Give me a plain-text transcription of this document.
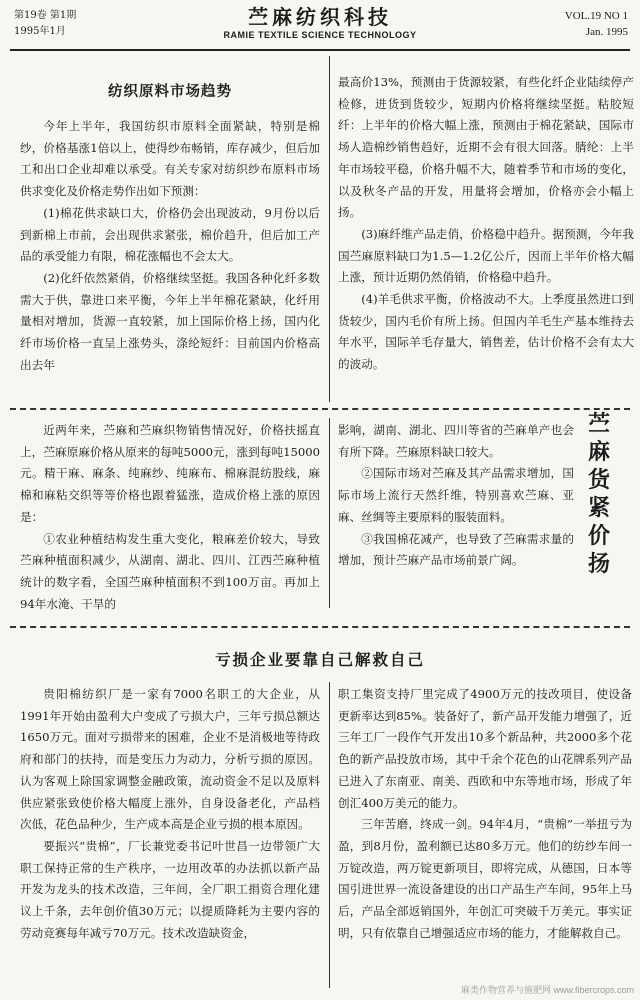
第19卷 第1期
1995年1月
苎麻纺织科技
RAMIE TEXTILE SCIENCE TECHNOLOGY
VOL.19 NO 1
Jan. 1995
纺织原料市场趋势

今年上半年，我国纺织市原料全面紧缺，特别是棉纱，价格基涨1倍以上，使得纱布畅销，库存减少，但后加工和出口企业却难以承受。有关专家对纺织纱布原料市场供求变化及价格走势作出如下预测：

(1)棉花供求缺口大，价格仍会出现波动，9月份以后到新棉上市前，会出现供求紧张，棉价趋升，但后加工产品的承受能力有限，棉花涨幅也不会太大。

(2)化纤依然紧俏，价格继续坚挺。我国各种化纤多数需大于供，靠进口来平衡，今年上半年棉花紧缺，化纤用量相对增加，货源一直较紧，加上国际价格上扬，国内化纤市场价格一直呈上涨势头，涤纶短纤：目前国内价格高出去年

最高价13%，预测由于货源较紧，有些化纤企业陆续停产检修，进货到货较少，短期内价格将继续坚挺。粘胶短纤：上半年的价格大幅上涨，预测由于棉花紧缺，国际市场人造棉纱销售趋好，近期不会有很大回落。腈纶：上半年市场较平稳，价格升幅不大，随着季节和市场的变化，以及秋冬产品的开发，用量将会增加，价格亦会小幅上扬。

(3)麻纤维产品走俏，价格稳中趋升。据预测，今年我国苎麻原料缺口为1.5—1.2亿公斤，因而上半年价格大幅上涨，预计近期仍然俏销，价格稳中趋升。

(4)羊毛供求平衡，价格波动不大。上季度虽然进口到货较少，国内毛价有所上扬。但国内羊毛生产基本维持去年水平，国际羊毛存量大，销售差，估计价格不会有太大的波动。

近两年来，苎麻和苎麻织物销售情况好，价格扶摇直上，苎麻原麻价格从原来的每吨5000元，涨到每吨15000元。精干麻、麻条、纯麻纱、纯麻布、棉麻混纺股线，麻棉和麻粘交织等等价格也跟着猛涨，造成价格上涨的原因是：

①农业种植结构发生重大变化，粮麻差价较大，导致苎麻种植面积减少，从湖南、湖北、四川、江西苎麻种植统计的数字看，全国苎麻种植面积不到100万亩。再加上94年水淹、干旱的

影响，湖南、湖北、四川等省的苎麻单产也会有所下降。苎麻原料缺口较大。

②国际市场对苎麻及其产品需求增加，国际市场上流行天然纤维，特别喜欢苎麻、亚麻、丝绸等主要原料的服装面料。

③我国棉花减产，也导致了苎麻需求量的增加，预计苎麻产品市场前景广阔。

苎麻货紧价扬
亏损企业要靠自己解救自己

贵阳棉纺织厂是一家有7000名职工的大企业，从1991年开始由盈利大户变成了亏损大户，三年亏损总额达1650万元。面对亏损带来的困难，企业不是消极地等待政府和部门的扶持，而是变压力为动力，分析亏损的原因。认为客观上除国家调整金融政策，流动资金不足以及原料供应紧张致使价格大幅度上涨外，自身设备老化，产品档次低，花色品种少，生产成本高是企业亏损的根本原因。

要振兴“贵棉”，厂长兼党委书记叶世昌一边带领广大职工保持正常的生产秩序，一边用改革的办法抓以新产品开发为龙头的技术改造，三年间，全厂职工捐资合理化建议上千条，去年创价值30万元；以提质降耗为主要内容的劳动竞赛每年减亏70万元。技术改造缺资金，

职工集资支持厂里完成了4900万元的技改项目，使设备更新率达到85%。装备好了，新产品开发能力增强了，近三年工厂一段作气开发出10多个新品种，共2000多个花色的新产品投放市场，其中千余个花色的山花牌系列产品已进入了东南亚、南美、西欧和中东等地市场，形成了年创汇400万美元的能力。

三年苦磨，终成一剑。94年4月，“贵棉”一举扭亏为盈，到8月份，盈利额已达80多万元。他们的纺纱车间一万锭改造，两万锭更新项目，即将完成，从德国，日本等国引进世界一流设备建设的出口产品生产车间，95年上马后，产品全部返销国外，年创汇可突破千万美元。事实证明，只有依靠自己增强适应市场的能力，才能解救自己。

麻类作物营养与施肥网 www.fibercrops.com
